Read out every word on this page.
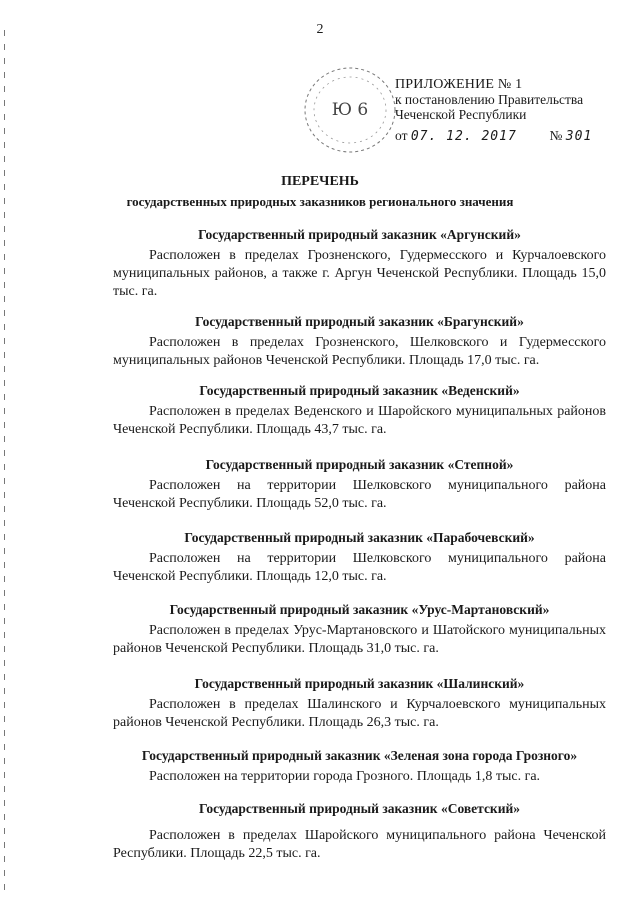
2
Ю 6
ПРИЛОЖЕНИЕ № 1
к постановлению Правительства
Чеченской Республики
от 07. 12. 2017 № 301
ПЕРЕЧЕНЬ
государственных природных заказников регионального значения
Государственный природный заказник «Аргунский»
Расположен в пределах Грозненского, Гудермесского и Курчалоевского муниципальных районов, а также г. Аргун Чеченской Республики. Площадь 15,0 тыс. га.
Государственный природный заказник «Брагунский»
Расположен в пределах Грозненского, Шелковского и Гудермесского муниципальных районов Чеченской Республики. Площадь 17,0 тыс. га.
Государственный природный заказник «Веденский»
Расположен в пределах Веденского и Шаройского муниципальных районов Чеченской Республики. Площадь 43,7 тыс. га.
Государственный природный заказник «Степной»
Расположен на территории Шелковского муниципального района Чеченской Республики. Площадь 52,0 тыс. га.
Государственный природный заказник «Парабочевский»
Расположен на территории Шелковского муниципального района Чеченской Республики. Площадь 12,0 тыс. га.
Государственный природный заказник «Урус-Мартановский»
Расположен в пределах Урус-Мартановского и Шатойского муниципальных районов Чеченской Республики. Площадь 31,0 тыс. га.
Государственный природный заказник «Шалинский»
Расположен в пределах Шалинского и Курчалоевского муниципальных районов Чеченской Республики. Площадь 26,3 тыс. га.
Государственный природный заказник «Зеленая зона города Грозного»
Расположен на территории города Грозного. Площадь 1,8 тыс. га.
Государственный природный заказник «Советский»
Расположен в пределах Шаройского муниципального района Чеченской Республики. Площадь 22,5 тыс. га.
